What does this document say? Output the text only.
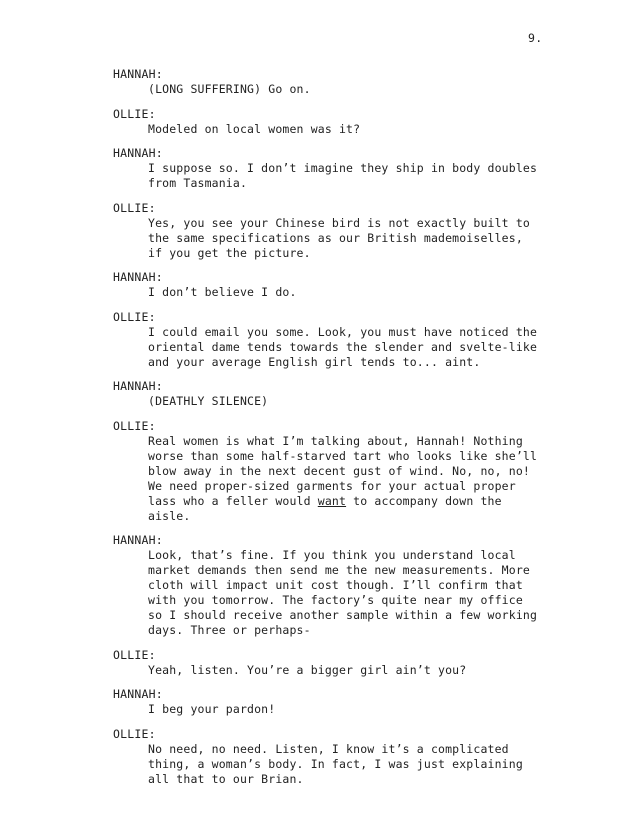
9.
HANNAH:
(LONG SUFFERING) Go on.
OLLIE:
Modeled on local women was it?
HANNAH:
I suppose so. I don’t imagine they ship in body doubles
from Tasmania.
OLLIE:
Yes, you see your Chinese bird is not exactly built to
the same specifications as our British mademoiselles,
if you get the picture.
HANNAH:
I don’t believe I do.
OLLIE:
I could email you some. Look, you must have noticed the
oriental dame tends towards the slender and svelte-like
and your average English girl tends to... aint.
HANNAH:
(DEATHLY SILENCE)
OLLIE:
Real women is what I’m talking about, Hannah! Nothing
worse than some half-starved tart who looks like she’ll
blow away in the next decent gust of wind. No, no, no!
We need proper-sized garments for your actual proper
lass who a feller would want to accompany down the
aisle.
HANNAH:
Look, that’s fine. If you think you understand local
market demands then send me the new measurements. More
cloth will impact unit cost though. I’ll confirm that
with you tomorrow. The factory’s quite near my office
so I should receive another sample within a few working
days. Three or perhaps-
OLLIE:
Yeah, listen. You’re a bigger girl ain’t you?
HANNAH:
I beg your pardon!
OLLIE:
No need, no need. Listen, I know it’s a complicated
thing, a woman’s body. In fact, I was just explaining
all that to our Brian.
